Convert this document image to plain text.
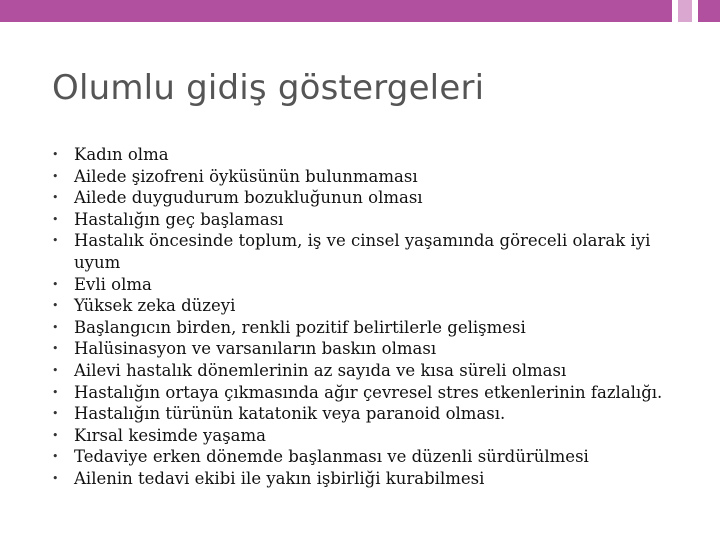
Olumlu gidiş göstergeleri
• Kadın olma
• Ailede şizofreni öyküsünün bulunmaması
• Ailede duygudurum bozukluğunun olması
• Hastalığın geç başlaması
• Hastalık öncesinde toplum, iş ve cinsel yaşamında göreceli olarak iyi uyum
• Evli olma
• Yüksek zeka düzeyi
• Başlangıcın birden, renkli pozitif belirtilerle gelişmesi
• Halüsinasyon ve varsanıların baskın olması
• Ailevi hastalık dönemlerinin az sayıda ve kısa süreli olması
• Hastalığın ortaya çıkmasında ağır çevresel stres etkenlerinin fazlalığı.
• Hastalığın türünün katatonik veya paranoid olması.
• Kırsal kesimde yaşama
• Tedaviye erken dönemde başlanması ve düzenli sürdürülmesi
• Ailenin tedavi ekibi ile yakın işbirliği kurabilmesi
